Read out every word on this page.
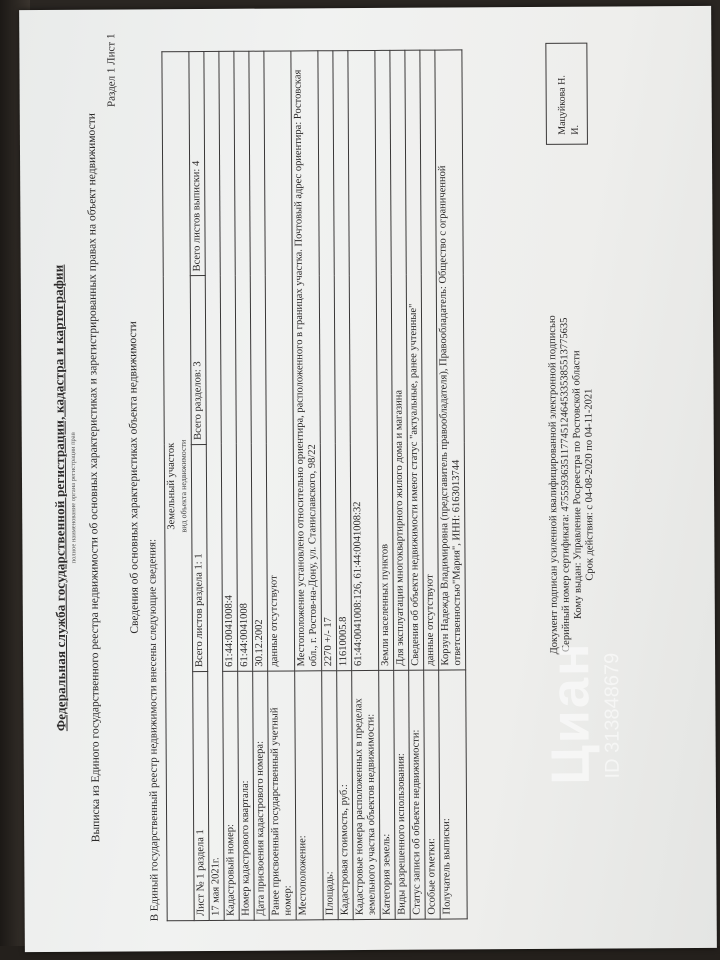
Федеральная служба государственной регистрации, кадастра и картографии полное наименование органа регистрации прав Выписка из Единого государственного реестра недвижимости об основных характеристиках и зарегистрированных правах на объект недвижимости
Раздел 1 Лист 1
Сведения об основных характеристиках объекта недвижимости
В Единый государственный реестр недвижимости внесены следующие сведения:
Земельный участок вид объекта недвижимости			

Лист № 1 раздела 1	Всего листов раздела 1: 1	Всего разделов: 3	Всего листов выписки: 4
17 мая 2021г.			
Кадастровый номер:	61:44:0041008:4		
Номер кадастрового квартала:	61:44:0041008		
Дата присвоения кадастрового номера:	30.12.2002		
Ранее присвоенный государственный учетный номер:	данные отсутствуют		
Местоположение:	Местоположение установлено относительно ориентира, расположенного в границах участка. Почтовый адрес ориентира: Ростовская обл., г. Ростов-на-Дону, ул. Станиславского, 98/22		
Площадь:	2270 +/- 17		
Кадастровая стоимость, руб.:	11610005.8		
Кадастровые номера расположенных в пределах земельного участка объектов недвижимости:	61:44:0041008:126, 61:44:0041008:32		
Категория земель:	Земли населенных пунктов		
Виды разрешенного использования:	Для эксплуатации многоквартирного жилого дома и магазина		
Статус записи об объекте недвижимости:	Сведения об объекте недвижимости имеют статус "актуальные, ранее учтенные"		
Особые отметки:	данные отсутствуют		
Получатель выписки:	Корзун Надежда Владимировна (представитель правообладателя), Правообладатель: Общество с ограниченной ответственностью"Мария", ИНН: 6163013744			Документ подписан усиленной квалифицированной электронной подписью
Серийный номер сертификата: 4755593635117745124645335385513775635 Кому выдан: Управление Росреестра по Ростовской области Срок действия: с 04-08-2020 по 04-11-2021
Мацуйкова Н. И.
Циан ID 313848679
